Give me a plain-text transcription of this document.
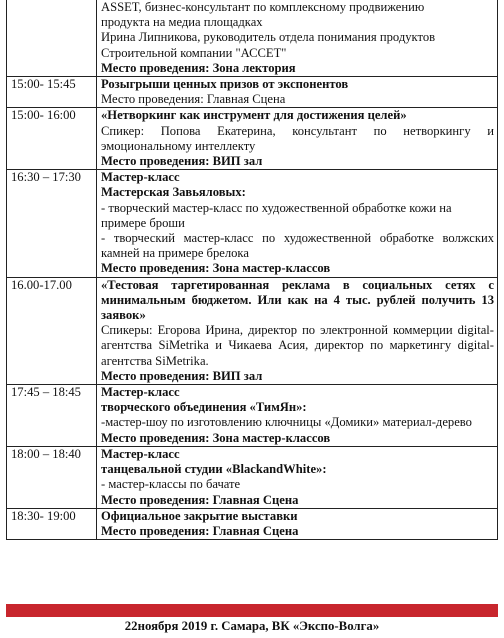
	ASSET, бизнес-консультант по комплексному продвижению
продукта на медиа площадках
Ирина Липникова, руководитель отдела понимания продуктов
Строительной компании "АССЕТ"
Место проведения: Зона лектория

15:00- 15:45	Розыгрыши ценных призов от экспонентов
Место проведения: Главная Сцена

15:00- 16:00	«Нетворкинг как инструмент для достижения целей»
Спикер: Попова Екатерина, консультант по нетворкингу и эмоциональному интеллекту
Место проведения: ВИП зал

16:30 – 17:30	Мастер-класс
Мастерская Завьяловых:
- творческий мастер-класс по художественной обработке кожи на примере броши
- творческий мастер-класс по художественной обработке волжских камней на примере брелока
Место проведения: Зона мастер-классов

16.00-17.00	«Тестовая таргетированная реклама в социальных сетях с минимальным бюджетом. Или как на 4 тыс. рублей получить 13 заявок»
Спикеры: Егорова Ирина, директор по электронной коммерции digital-агентства SiMetrika и Чикаева Асия, директор по маркетингу digital-агентства SiMetrika.
Место проведения: ВИП зал

17:45 – 18:45	Мастер-класс
творческого объединения «ТимЯн»:
-мастер-шоу по изготовлению ключницы «Домики» материал-дерево
Место проведения: Зона мастер-классов

18:00 – 18:40	Мастер-класс
танцевальной студии «BlackandWhite»:
- мастер-классы по бачате
Место проведения: Главная Сцена

18:30- 19:00	Официальное закрытие выставки
Место проведения: Главная Сцена
22ноября 2019 г. Самара, ВК «Экспо-Волга»
